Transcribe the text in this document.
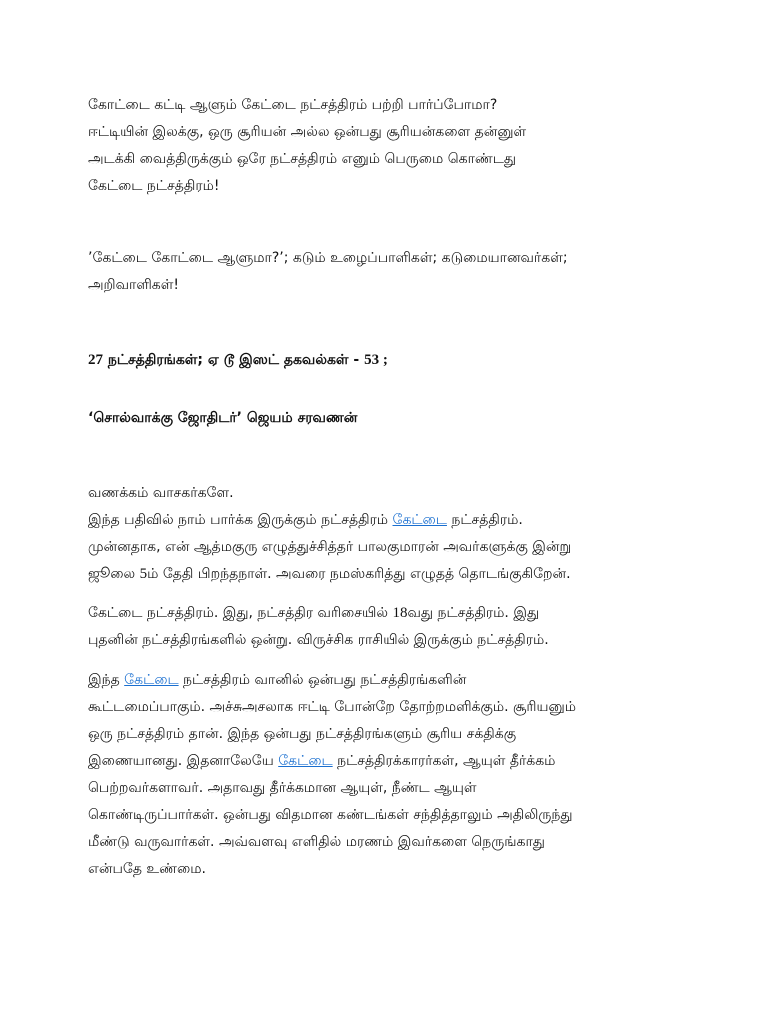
கோட்டை கட்டி ஆளும் கேட்டை நட்சத்திரம் பற்றி பார்ப்போமா?
ஈட்டியின் இலக்கு, ஒரு சூரியன் அல்ல ஒன்பது சூரியன்களை தன்னுள்
அடக்கி வைத்திருக்கும் ஒரே நட்சத்திரம் எனும் பெருமை கொண்டது
கேட்டை நட்சத்திரம்!
’கேட்டை கோட்டை ஆளுமா?’; கடும் உழைப்பாளிகள்; கடுமையானவர்கள்;
அறிவாளிகள்!
27 நட்சத்திரங்கள்; ஏ டூ இஸட் தகவல்கள் - 53 ;
‘சொல்வாக்கு ஜோதிடர்’ ஜெயம் சரவணன்
வணக்கம் வாசகர்களே.
இந்த பதிவில் நாம் பார்க்க இருக்கும் நட்சத்திரம் கேட்டை நட்சத்திரம்.
முன்னதாக, என் ஆத்மகுரு எழுத்துச்சித்தர் பாலகுமாரன் அவர்களுக்கு இன்று
ஜூலை 5ம் தேதி பிறந்தநாள். அவரை நமஸ்கரித்து எழுதத் தொடங்குகிறேன்.
கேட்டை நட்சத்திரம். இது, நட்சத்திர வரிசையில் 18வது நட்சத்திரம். இது
புதனின் நட்சத்திரங்களில் ஒன்று. விருச்சிக ராசியில் இருக்கும் நட்சத்திரம்.
இந்த கேட்டை நட்சத்திரம் வானில் ஒன்பது நட்சத்திரங்களின்
கூட்டமைப்பாகும். அச்சுஅசலாக ஈட்டி போன்றே தோற்றமளிக்கும். சூரியனும்
ஒரு நட்சத்திரம் தான். இந்த ஒன்பது நட்சத்திரங்களும் சூரிய சக்திக்கு
இணையானது. இதனாலேயே கேட்டை நட்சத்திரக்காரர்கள், ஆயுள் தீர்க்கம்
பெற்றவர்களாவர். அதாவது தீர்க்கமான ஆயுள், நீண்ட ஆயுள்
கொண்டிருப்பார்கள். ஒன்பது விதமான கண்டங்கள் சந்தித்தாலும் அதிலிருந்து
மீண்டு வருவார்கள். அவ்வளவு எளிதில் மரணம் இவர்களை நெருங்காது
என்பதே உண்மை.
